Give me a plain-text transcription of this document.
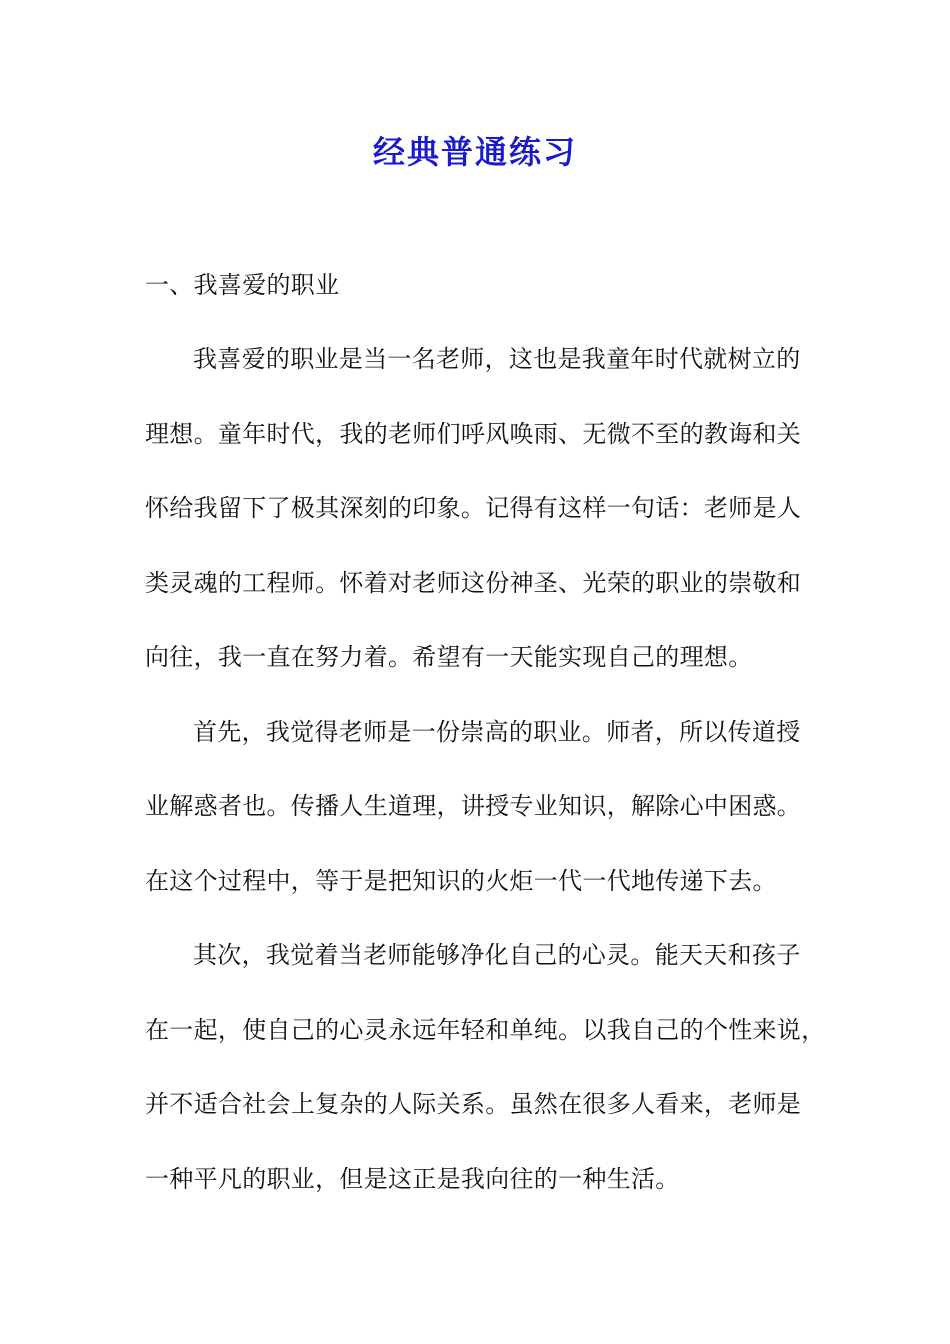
经典普通练习
一、我喜爱的职业
我喜爱的职业是当一名老师，这也是我童年时代就树立的
理想。童年时代，我的老师们呼风唤雨、无微不至的教诲和关
怀给我留下了极其深刻的印象。记得有这样一句话：老师是人
类灵魂的工程师。怀着对老师这份神圣、光荣的职业的崇敬和
向往，我一直在努力着。希望有一天能实现自己的理想。
首先，我觉得老师是一份崇高的职业。师者，所以传道授
业解惑者也。传播人生道理，讲授专业知识，解除心中困惑。
在这个过程中，等于是把知识的火炬一代一代地传递下去。
其次，我觉着当老师能够净化自己的心灵。能天天和孩子
在一起，使自己的心灵永远年轻和单纯。以我自己的个性来说，
并不适合社会上复杂的人际关系。虽然在很多人看来，老师是
一种平凡的职业，但是这正是我向往的一种生活。
